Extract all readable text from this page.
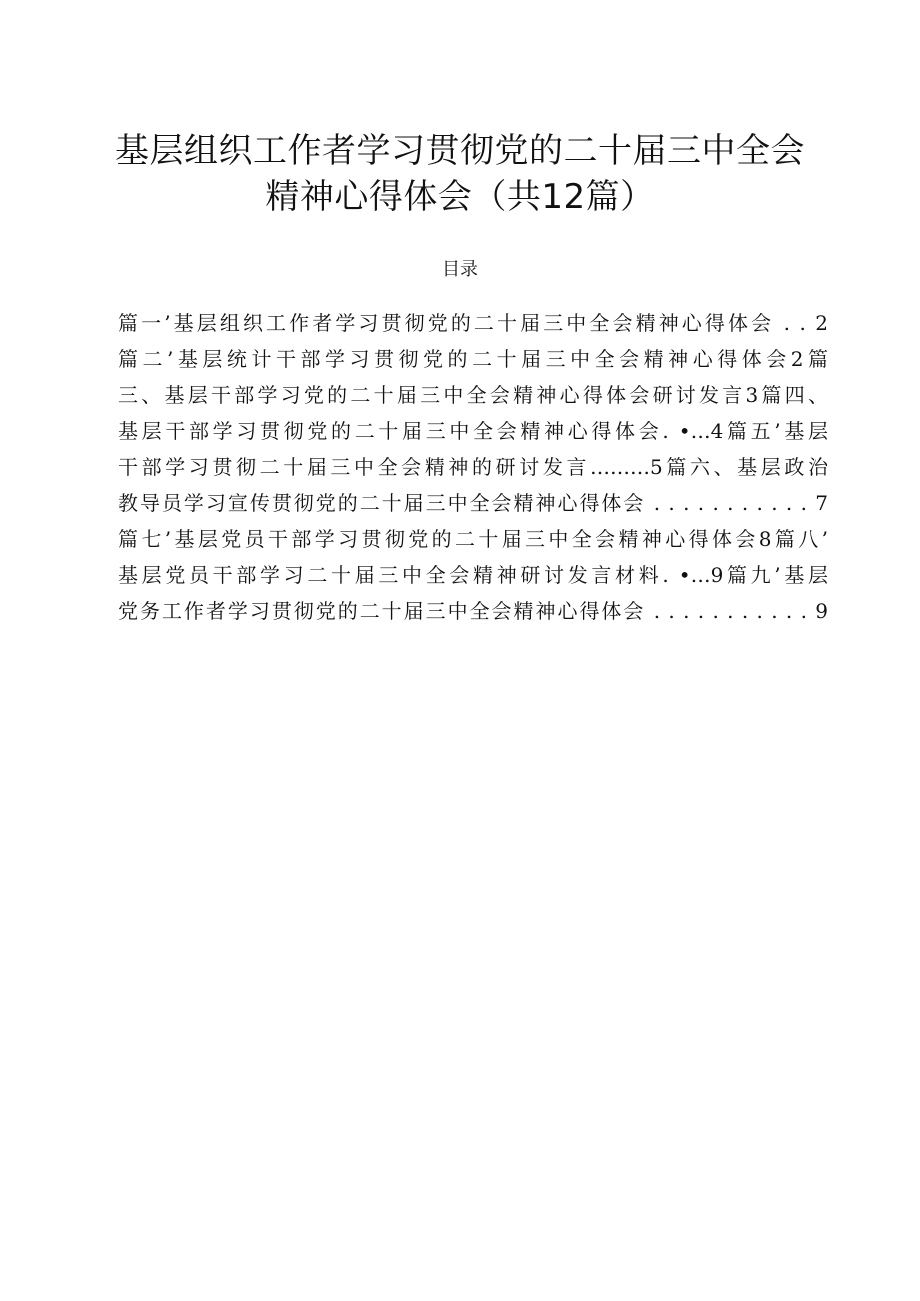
基层组织工作者学习贯彻党的二十届三中全会
精神心得体会（共12篇）
目录
篇一’基层组织工作者学习贯彻党的二十届三中全会精神心得体会 . . 2
篇二’基层统计干部学习贯彻党的二十届三中全会精神心得体会2篇
三、基层干部学习党的二十届三中全会精神心得体会研讨发言3篇四、
基层干部学习贯彻党的二十届三中全会精神心得体会. •…4篇五’基层
干部学习贯彻二十届三中全会精神的研讨发言………5篇六、基层政治
教导员学习宣传贯彻党的二十届三中全会精神心得体会 . . . . . . . . . . . 7
篇七’基层党员干部学习贯彻党的二十届三中全会精神心得体会8篇八’
基层党员干部学习二十届三中全会精神研讨发言材料. •…9篇九’基层
党务工作者学习贯彻党的二十届三中全会精神心得体会 . . . . . . . . . . . 9
